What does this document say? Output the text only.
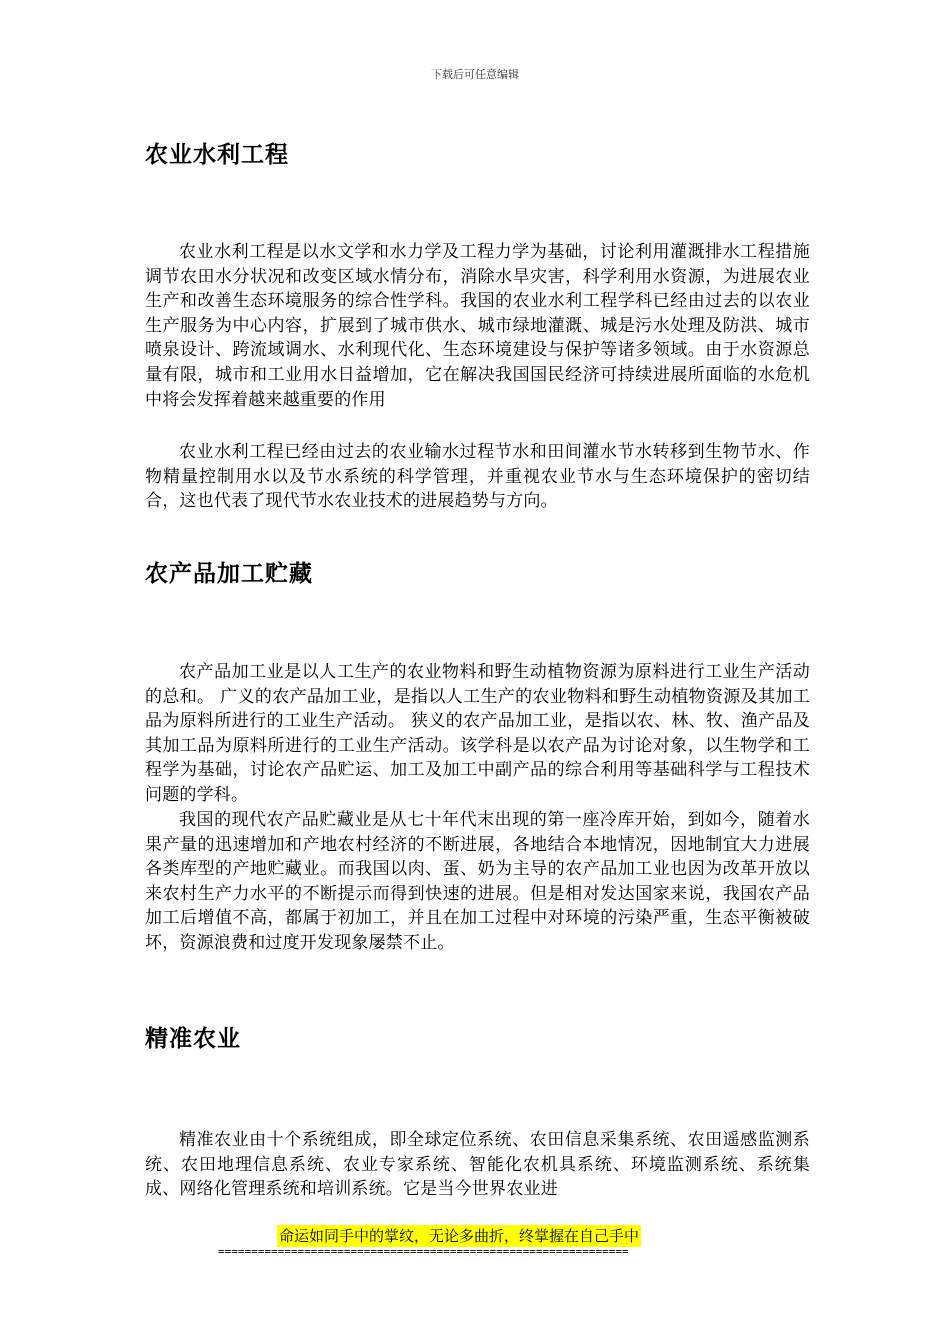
下载后可任意编辑
农业水利工程

农业水利工程是以水文学和水力学及工程力学为基础，讨论利用灌溉排水工程措施调节农田水分状况和改变区域水情分布，消除水旱灾害，科学利用水资源，为进展农业生产和改善生态环境服务的综合性学科。我国的农业水利工程学科已经由过去的以农业生产服务为中心内容，扩展到了城市供水、城市绿地灌溉、城是污水处理及防洪、城市喷泉设计、跨流域调水、水利现代化、生态环境建设与保护等诸多领域。由于水资源总量有限，城市和工业用水日益增加，它在解决我国国民经济可持续进展所面临的水危机中将会发挥着越来越重要的作用

农业水利工程已经由过去的农业输水过程节水和田间灌水节水转移到生物节水、作物精量控制用水以及节水系统的科学管理，并重视农业节水与生态环境保护的密切结合，这也代表了现代节水农业技术的进展趋势与方向。

农产品加工贮藏

农产品加工业是以人工生产的农业物料和野生动植物资源为原料进行工业生产活动的总和。 广义的农产品加工业，是指以人工生产的农业物料和野生动植物资源及其加工品为原料所进行的工业生产活动。 狭义的农产品加工业，是指以农、林、牧、渔产品及其加工品为原料所进行的工业生产活动。该学科是以农产品为讨论对象，以生物学和工程学为基础，讨论农产品贮运、加工及加工中副产品的综合利用等基础科学与工程技术问题的学科。

我国的现代农产品贮藏业是从七十年代末出现的第一座冷库开始，到如今，随着水果产量的迅速增加和产地农村经济的不断进展，各地结合本地情况，因地制宜大力进展各类库型的产地贮藏业。而我国以肉、蛋、奶为主导的农产品加工业也因为改革开放以来农村生产力水平的不断提示而得到快速的进展。但是相对发达国家来说，我国农产品加工后增值不高，都属于初加工，并且在加工过程中对环境的污染严重，生态平衡被破坏，资源浪费和过度开发现象屡禁不止。

精准农业

精准农业由十个系统组成，即全球定位系统、农田信息采集系统、农田遥感监测系统、农田地理信息系统、农业专家系统、智能化农机具系统、环境监测系统、系统集成、网络化管理系统和培训系统。它是当今世界农业进

命运如同手中的掌纹，无论多曲折，终掌握在自己手中
==============================================================
